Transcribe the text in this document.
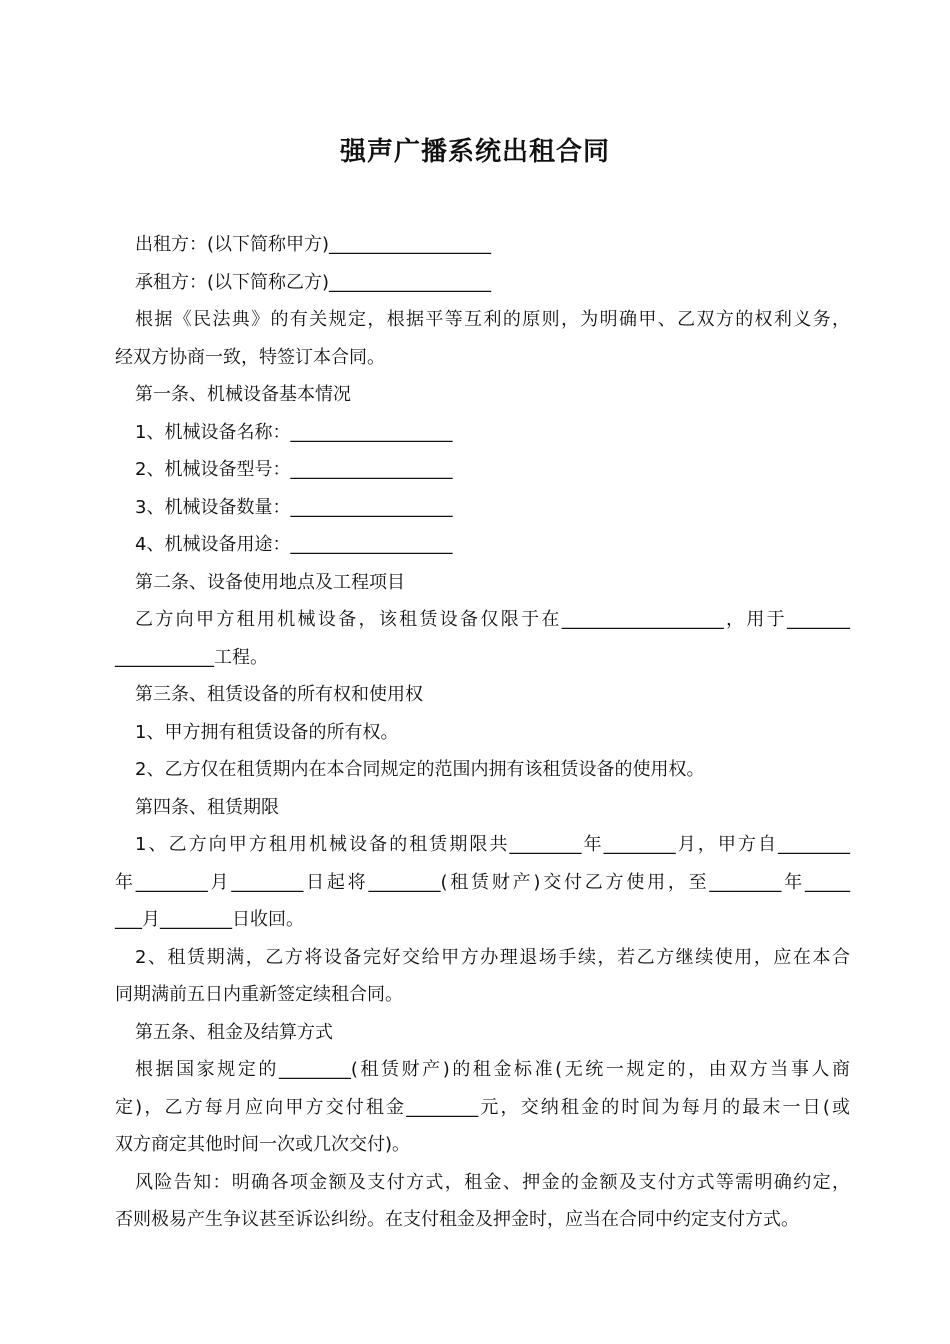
强声广播系统出租合同

出租方：(以下简称甲方)__________________

承租方：(以下简称乙方)__________________

根据《民法典》的有关规定，根据平等互利的原则，为明确甲、乙双方的权利义务，

经双方协商一致，特签订本合同。

第一条、机械设备基本情况

1、机械设备名称：__________________

2、机械设备型号：__________________

3、机械设备数量：__________________

4、机械设备用途：__________________

第二条、设备使用地点及工程项目

乙方向甲方租用机械设备，该租赁设备仅限于在__________________，用于_______

___________工程。

第三条、租赁设备的所有权和使用权

1、甲方拥有租赁设备的所有权。

2、乙方仅在租赁期内在本合同规定的范围内拥有该租赁设备的使用权。

第四条、租赁期限

1、乙方向甲方租用机械设备的租赁期限共________年________月，甲方自________

年________月________日起将________(租赁财产)交付乙方使用，至________年_____

___月________日收回。

2、租赁期满，乙方将设备完好交给甲方办理退场手续，若乙方继续使用，应在本合

同期满前五日内重新签定续租合同。

第五条、租金及结算方式

根据国家规定的________(租赁财产)的租金标准(无统一规定的，由双方当事人商

定)，乙方每月应向甲方交付租金________元，交纳租金的时间为每月的最末一日(或

双方商定其他时间一次或几次交付)。

风险告知：明确各项金额及支付方式，租金、押金的金额及支付方式等需明确约定，

否则极易产生争议甚至诉讼纠纷。在支付租金及押金时，应当在合同中约定支付方式。
